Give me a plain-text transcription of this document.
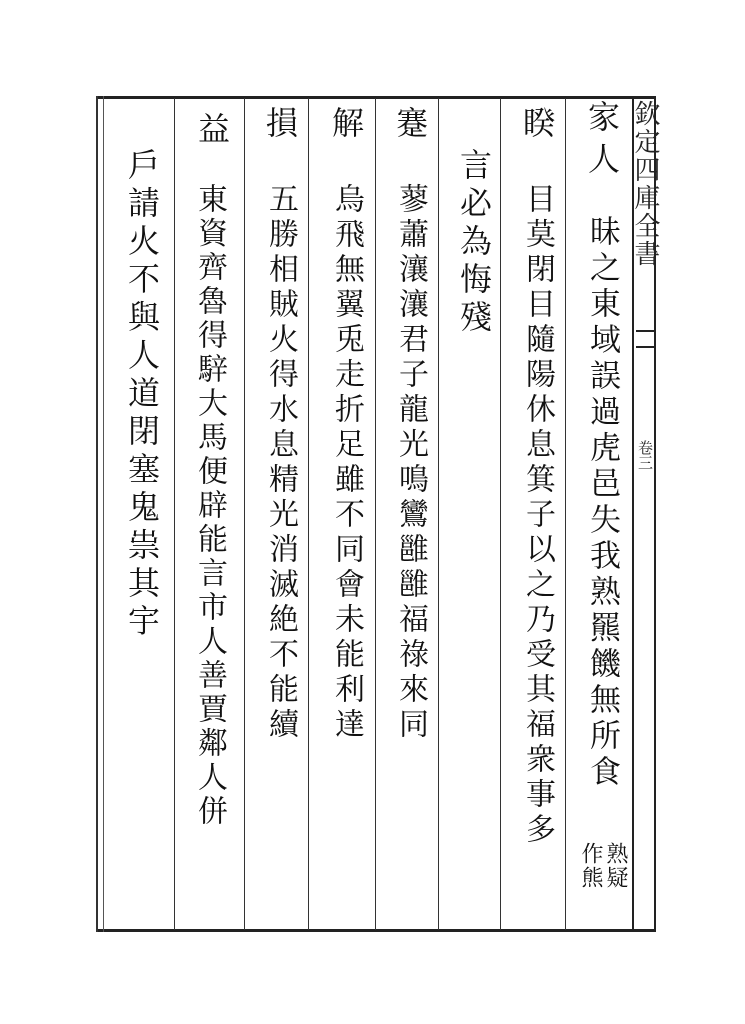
欽定四庫全書
卷三
家人
昧之東域誤過虎邑失我熟羆饑無所食
熟疑
作熊
睽
目莫閉目隨陽休息箕子以之乃受其福衆事多
言必為悔殘
蹇
蓼蕭瀼瀼君子龍光鳴鸞雝雝福祿來同
解
烏飛無翼兎走折足雖不同會未能利達
損
五勝相賊火得水息精光消滅絶不能續
益
東資齊魯得騂大馬便辟能言市人善賈鄰人併
戶請火不與人道閉塞鬼祟其宇
